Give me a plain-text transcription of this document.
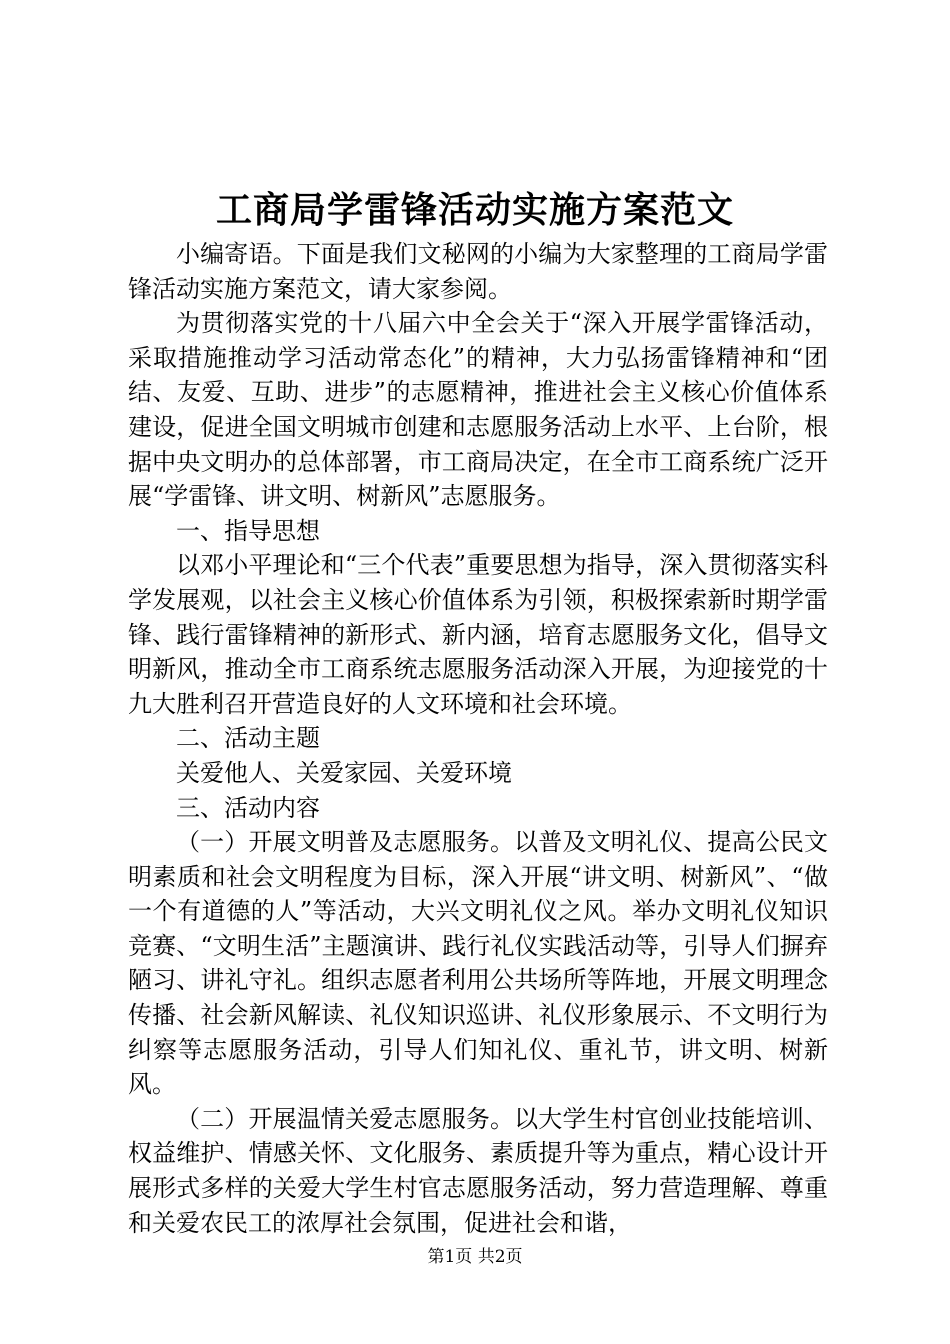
工商局学雷锋活动实施方案范文

小编寄语。下面是我们文秘网的小编为大家整理的工商局学雷锋活动实施方案范文，请大家参阅。

为贯彻落实党的十八届六中全会关于“深入开展学雷锋活动，采取措施推动学习活动常态化”的精神，大力弘扬雷锋精神和“团结、友爱、互助、进步”的志愿精神，推进社会主义核心价值体系建设，促进全国文明城市创建和志愿服务活动上水平、上台阶，根据中央文明办的总体部署，市工商局决定，在全市工商系统广泛开展“学雷锋、讲文明、树新风”志愿服务。

一、指导思想

以邓小平理论和“三个代表”重要思想为指导，深入贯彻落实科学发展观，以社会主义核心价值体系为引领，积极探索新时期学雷锋、践行雷锋精神的新形式、新内涵，培育志愿服务文化，倡导文明新风，推动全市工商系统志愿服务活动深入开展，为迎接党的十九大胜利召开营造良好的人文环境和社会环境。

二、活动主题

关爱他人、关爱家园、关爱环境

三、活动内容

（一）开展文明普及志愿服务。以普及文明礼仪、提高公民文明素质和社会文明程度为目标，深入开展“讲文明、树新风”、“做一个有道德的人”等活动，大兴文明礼仪之风。举办文明礼仪知识竞赛、“文明生活”主题演讲、践行礼仪实践活动等，引导人们摒弃陋习、讲礼守礼。组织志愿者利用公共场所等阵地，开展文明理念传播、社会新风解读、礼仪知识巡讲、礼仪形象展示、不文明行为纠察等志愿服务活动，引导人们知礼仪、重礼节，讲文明、树新风。

（二）开展温情关爱志愿服务。以大学生村官创业技能培训、权益维护、情感关怀、文化服务、素质提升等为重点，精心设计开展形式多样的关爱大学生村官志愿服务活动，努力营造理解、尊重和关爱农民工的浓厚社会氛围，促进社会和谐，

第1页 共2页
